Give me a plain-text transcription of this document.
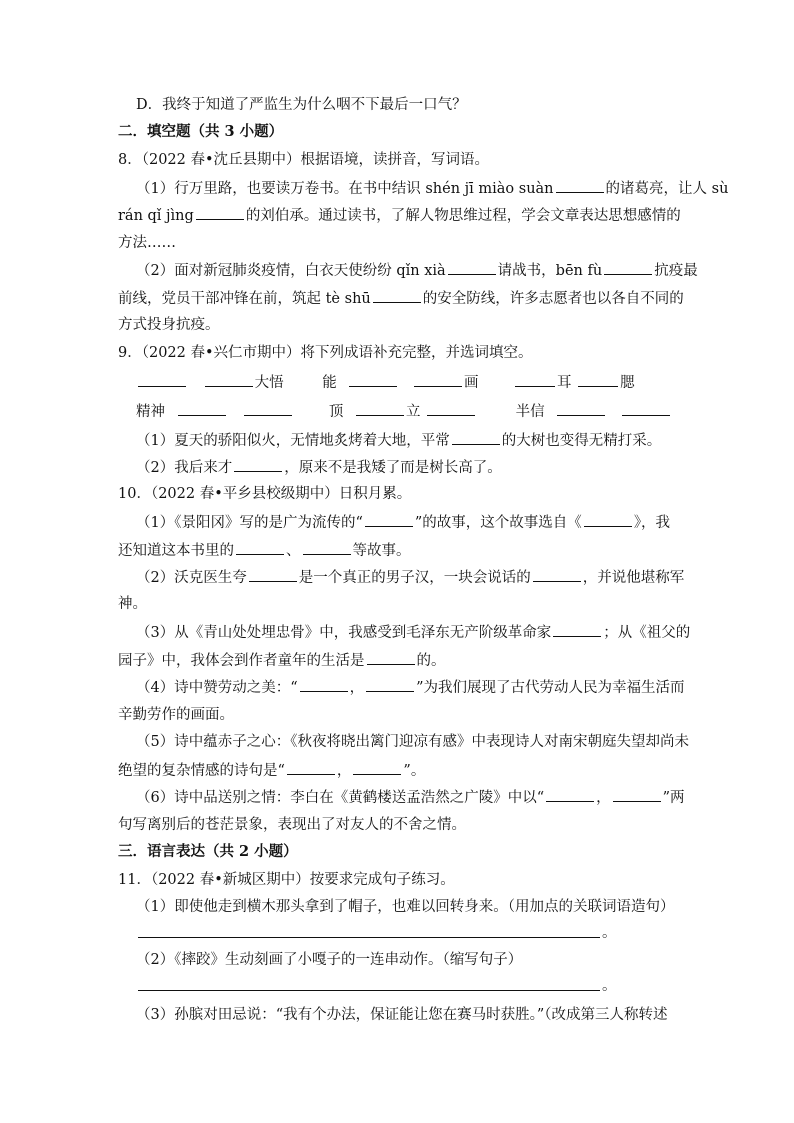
D．我终于知道了严监生为什么咽不下最后一口气？
二．填空题（共 3 小题）
8．（2022 春•沈丘县期中）根据语境，读拼音，写词语。
（1）行万里路，也要读万卷书。在书中结识 shén jī miào suàn	的诸葛亮，让人 sù
rán qǐ jìng	的刘伯承。通过读书，了解人物思维过程，学会文章表达思想感情的
方法……
（2）面对新冠肺炎疫情，白衣天使纷纷 qǐn xià	请战书，bēn fù	抗疫最
前线，党员干部冲锋在前，筑起 tè shū	的安全防线，许多志愿者也以各自不同的
方式投身抗疫。
9．（2022 春•兴仁市期中）将下列成语补充完整，并选词填空。
大悟	能	画	耳	腮
精神	顶	立	半信
（1）夏天的骄阳似火，无情地炙烤着大地，平常	的大树也变得无精打采。
（2）我后来才	，原来不是我矮了而是树长高了。
10．（2022 春•平乡县校级期中）日积月累。
（1）《景阳冈》写的是广为流传的“	”的故事，这个故事选自《	》，我
还知道这本书里的	、	等故事。
（2）沃克医生夸	是一个真正的男子汉，一块会说话的	，并说他堪称军
神。
（3）从《青山处处埋忠骨》中，我感受到毛泽东无产阶级革命家	；从《祖父的
园子》中，我体会到作者童年的生活是	的。
（4）诗中赞劳动之美：“	，	”为我们展现了古代劳动人民为幸福生活而
辛勤劳作的画面。
（5）诗中蕴赤子之心：《秋夜将晓出篱门迎凉有感》中表现诗人对南宋朝庭失望却尚未
绝望的复杂情感的诗句是“	，	”。
（6）诗中品送别之情：李白在《黄鹤楼送孟浩然之广陵》中以“	，	”两
句写离别后的苍茫景象，表现出了对友人的不舍之情。
三．语言表达（共 2 小题）
11．（2022 春•新城区期中）按要求完成句子练习。
（1）即使他走到横木那头拿到了帽子，也难以回转身来。（用加点的关联词语造句）
。
（2）《摔跤》生动刻画了小嘎子的一连串动作。（缩写句子）
。
（3）孙膑对田忌说：“我有个办法，保证能让您在赛马时获胜。”（改成第三人称转述
